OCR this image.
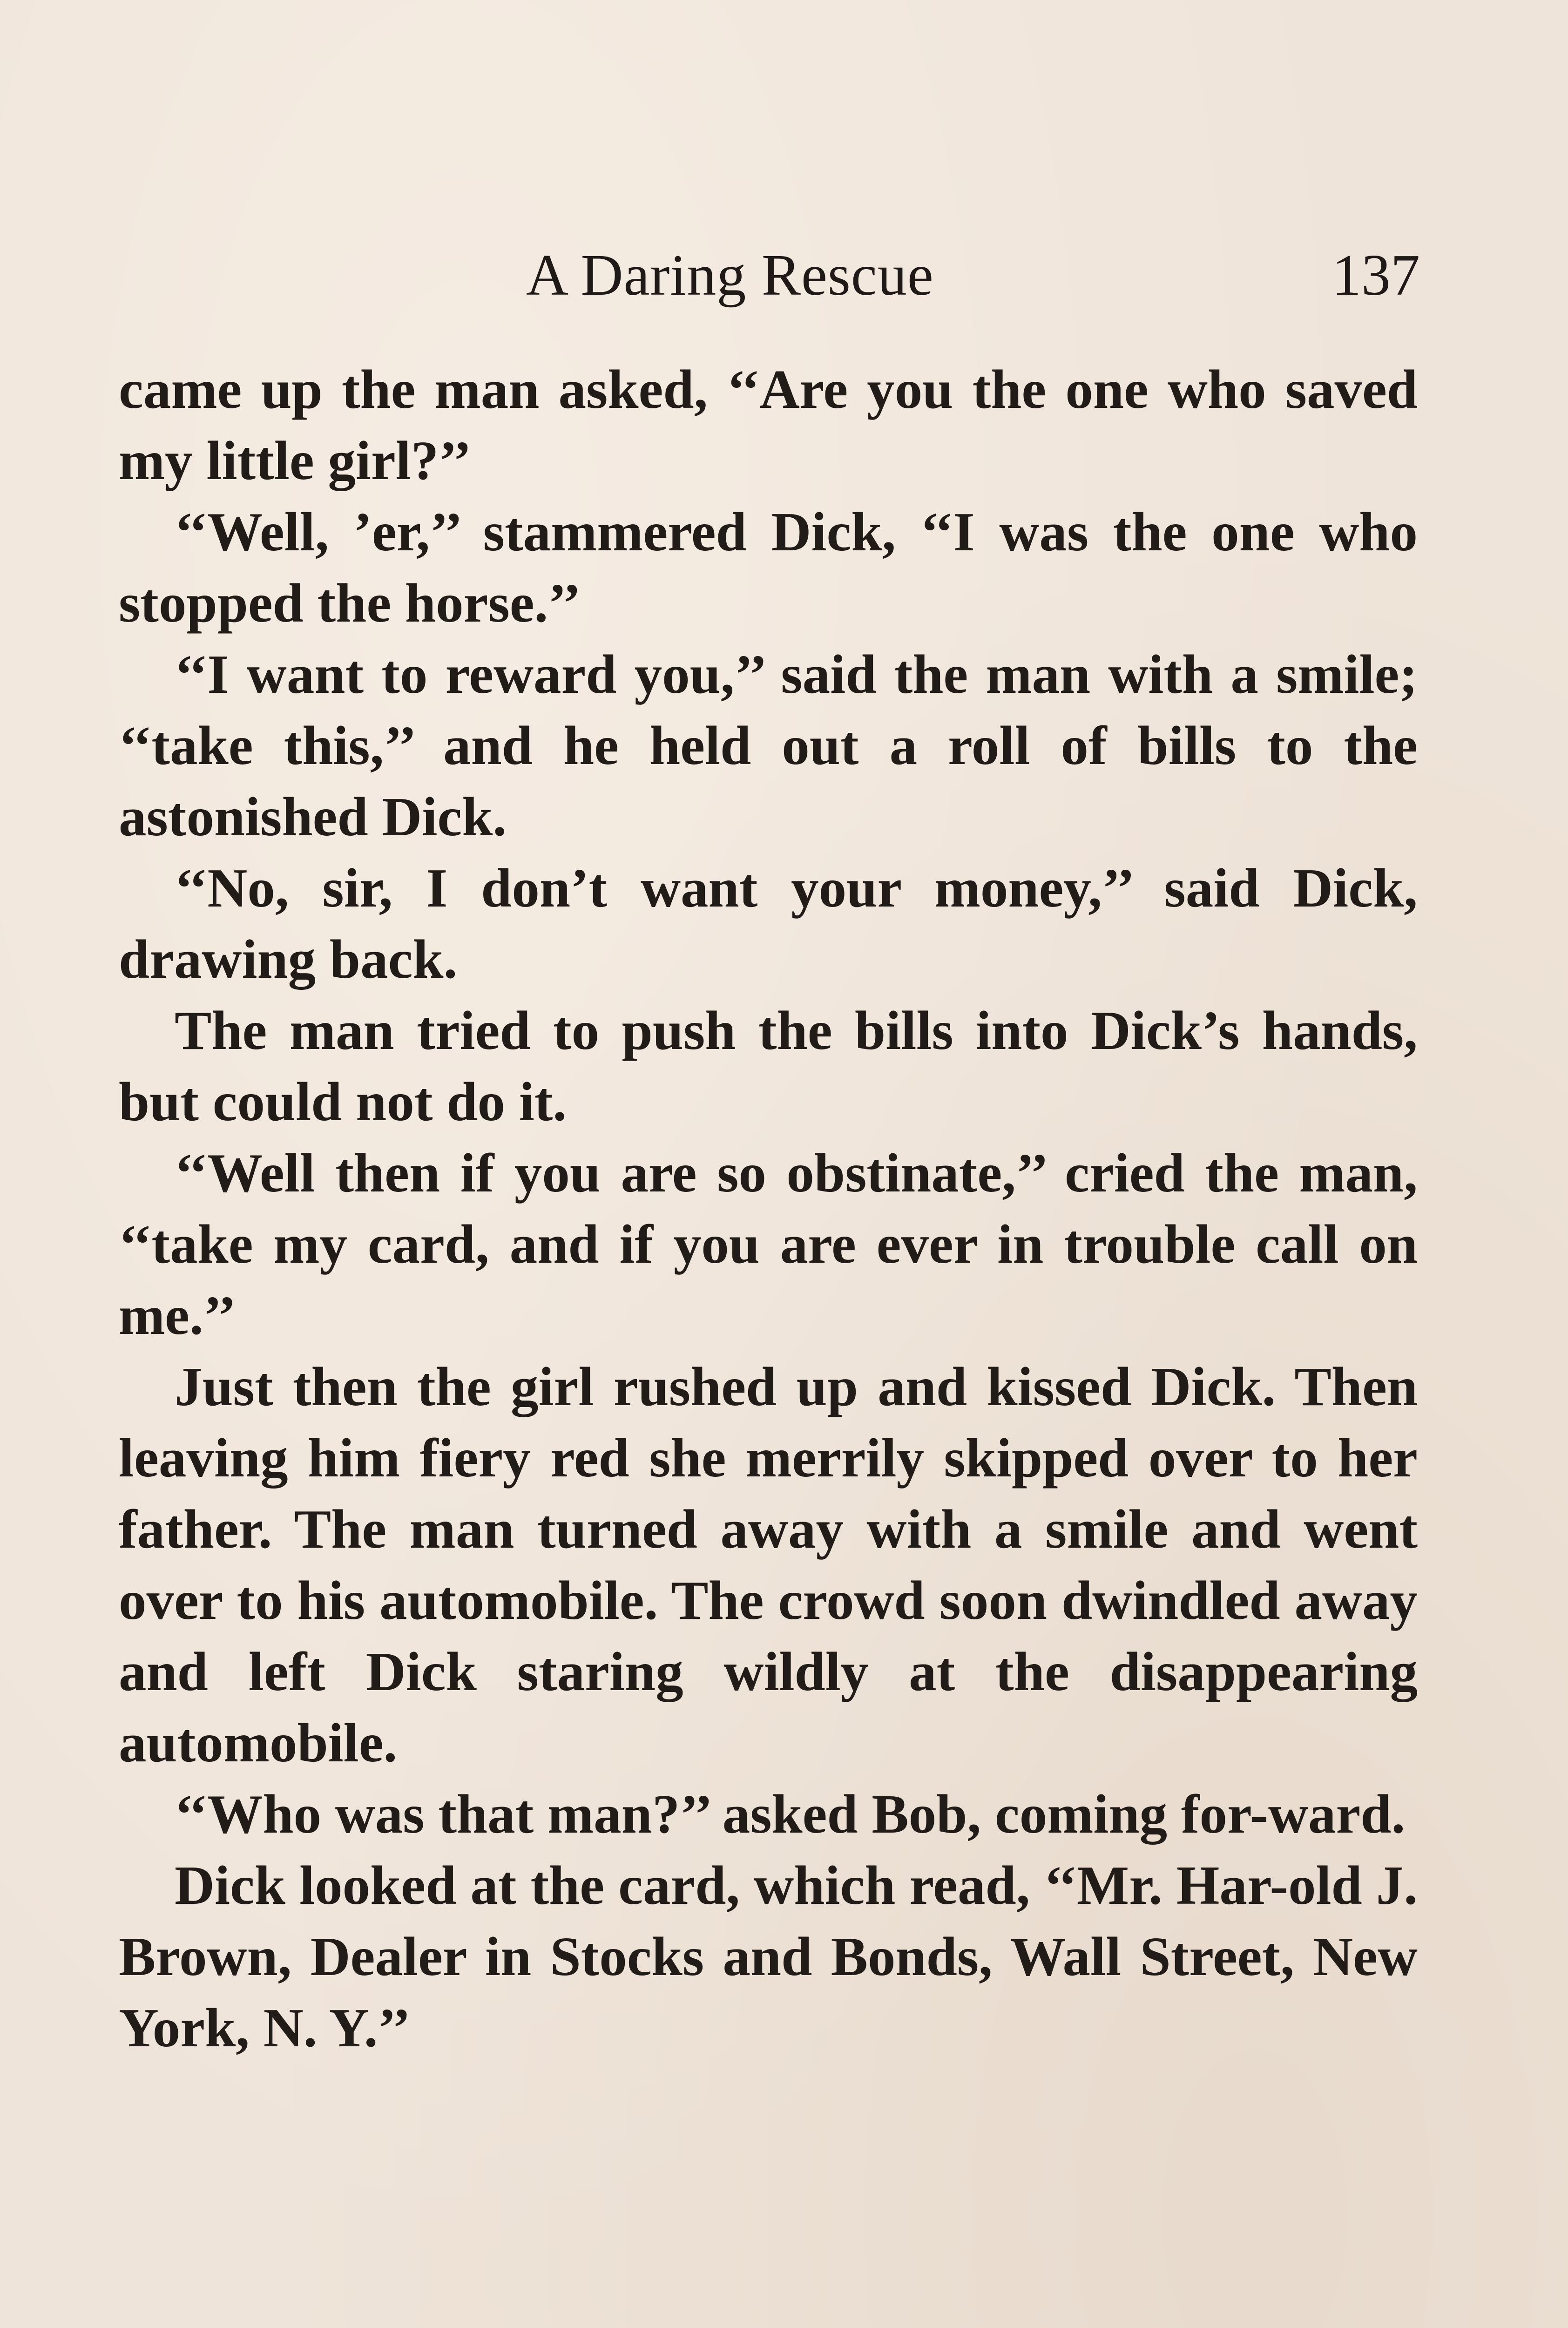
A Daring Rescue	137

came up the man asked, ‘‘Are you the one who saved my little girl?’’

‘‘Well, ’er,’’ stammered Dick, ‘‘I was the one who stopped the horse.’’

‘‘I want to reward you,’’ said the man with a smile; ‘‘take this,’’ and he held out a roll of bills to the astonished Dick.

‘‘No, sir, I don’t want your money,’’ said Dick, drawing back.

The man tried to push the bills into Dick’s hands, but could not do it.

‘‘Well then if you are so obstinate,’’ cried the man, ‘‘take my card, and if you are ever in trouble call on me.’’

Just then the girl rushed up and kissed Dick. Then leaving him fiery red she merrily skipped over to her father. The man turned away with a smile and went over to his automobile. The crowd soon dwindled away and left Dick staring wildly at the disappearing automobile.

‘‘Who was that man?’’ asked Bob, coming for-ward.

Dick looked at the card, which read, ‘‘Mr. Har-old J. Brown, Dealer in Stocks and Bonds, Wall Street, New York, N. Y.’’
